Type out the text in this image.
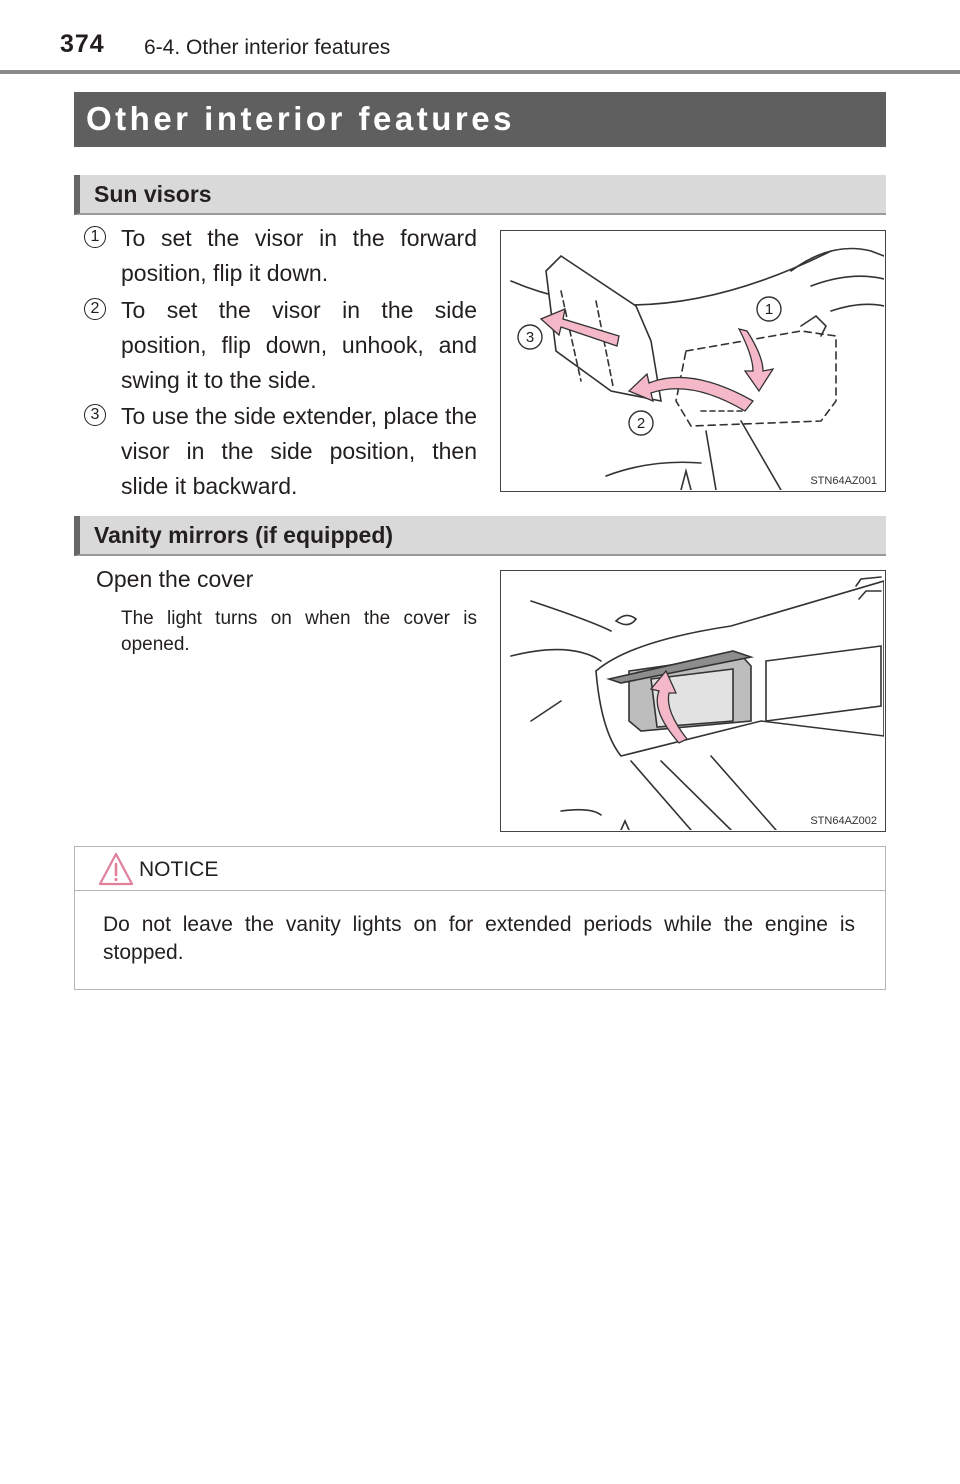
374 6-4. Other interior features
Other interior features
Sun visors
1 To set the visor in the forward position, flip it down.
2 To set the visor in the side position, flip down, unhook, and swing it to the side.
3 To use the side extender, place the visor in the side position, then slide it backward.
1
2
3
STN64AZ001
Vanity mirrors (if equipped)
Open the cover
The light turns on when the cover is opened.
STN64AZ002
NOTICE
Do not leave the vanity lights on for extended periods while the engine is stopped.
